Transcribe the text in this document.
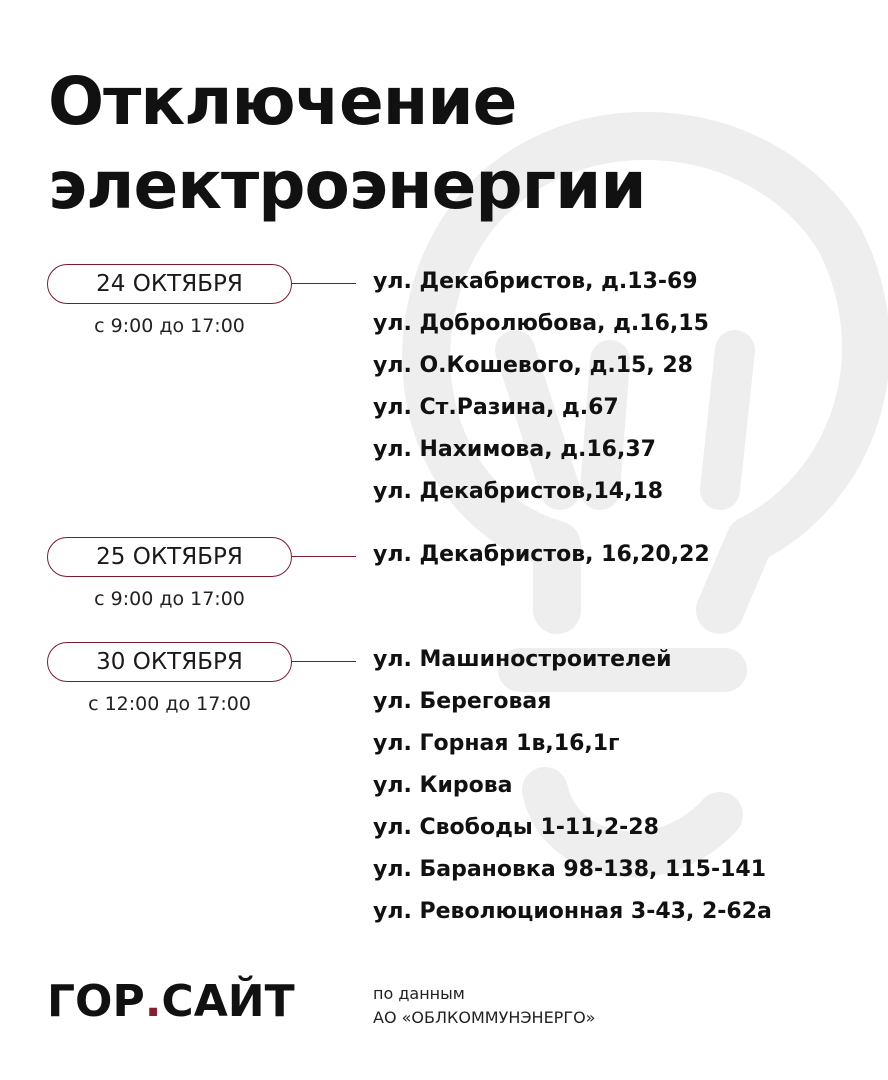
Отключение
электроэнергии
24 ОКТЯБРЯ
с 9:00 до 17:00
ул. Декабристов, д.13-69
ул. Добролюбова, д.16,15
ул. О.Кошевого, д.15, 28
ул. Ст.Разина, д.67
ул. Нахимова, д.16,37
ул. Декабристов,14,18
25 ОКТЯБРЯ
с 9:00 до 17:00
ул. Декабристов, 16,20,22
30 ОКТЯБРЯ
с 12:00 до 17:00
ул. Машиностроителей
ул. Береговая
ул. Горная 1в,16,1г
ул. Кирова
ул. Свободы 1-11,2-28
ул. Барановка 98-138, 115-141
ул. Революционная 3-43, 2-62а
ГОР.САЙТ	по данным
АО «ОБЛКОММУНЭНЕРГО»
